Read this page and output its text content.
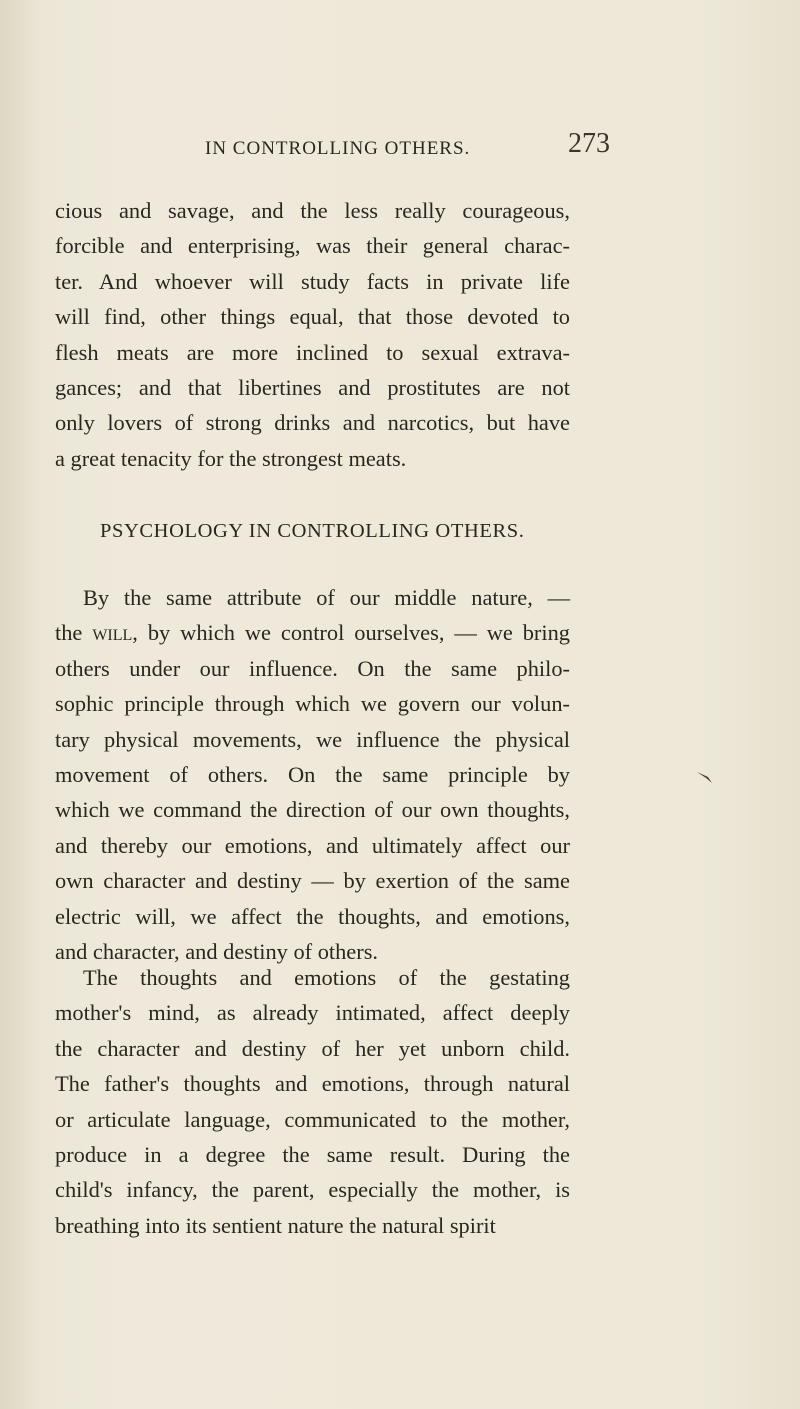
IN CONTROLLING OTHERS.	273
cious and savage, and the less really courageous,
forcible and enterprising, was their general charac-
ter. And whoever will study facts in private life
will find, other things equal, that those devoted to
flesh meats are more inclined to sexual extrava-
gances; and that libertines and prostitutes are not
only lovers of strong drinks and narcotics, but have
a great tenacity for the strongest meats.
PSYCHOLOGY IN CONTROLLING OTHERS.
By the same attribute of our middle nature, —
the will, by which we control ourselves, — we bring
others under our influence. On the same philo-
sophic principle through which we govern our volun-
tary physical movements, we influence the physical
movement of others. On the same principle by
which we command the direction of our own thoughts,
and thereby our emotions, and ultimately affect our
own character and destiny — by exertion of the same
electric will, we affect the thoughts, and emotions,
and character, and destiny of others.
The thoughts and emotions of the gestating
mother's mind, as already intimated, affect deeply
the character and destiny of her yet unborn child.
The father's thoughts and emotions, through natural
or articulate language, communicated to the mother,
produce in a degree the same result. During the
child's infancy, the parent, especially the mother, is
breathing into its sentient nature the natural spirit
